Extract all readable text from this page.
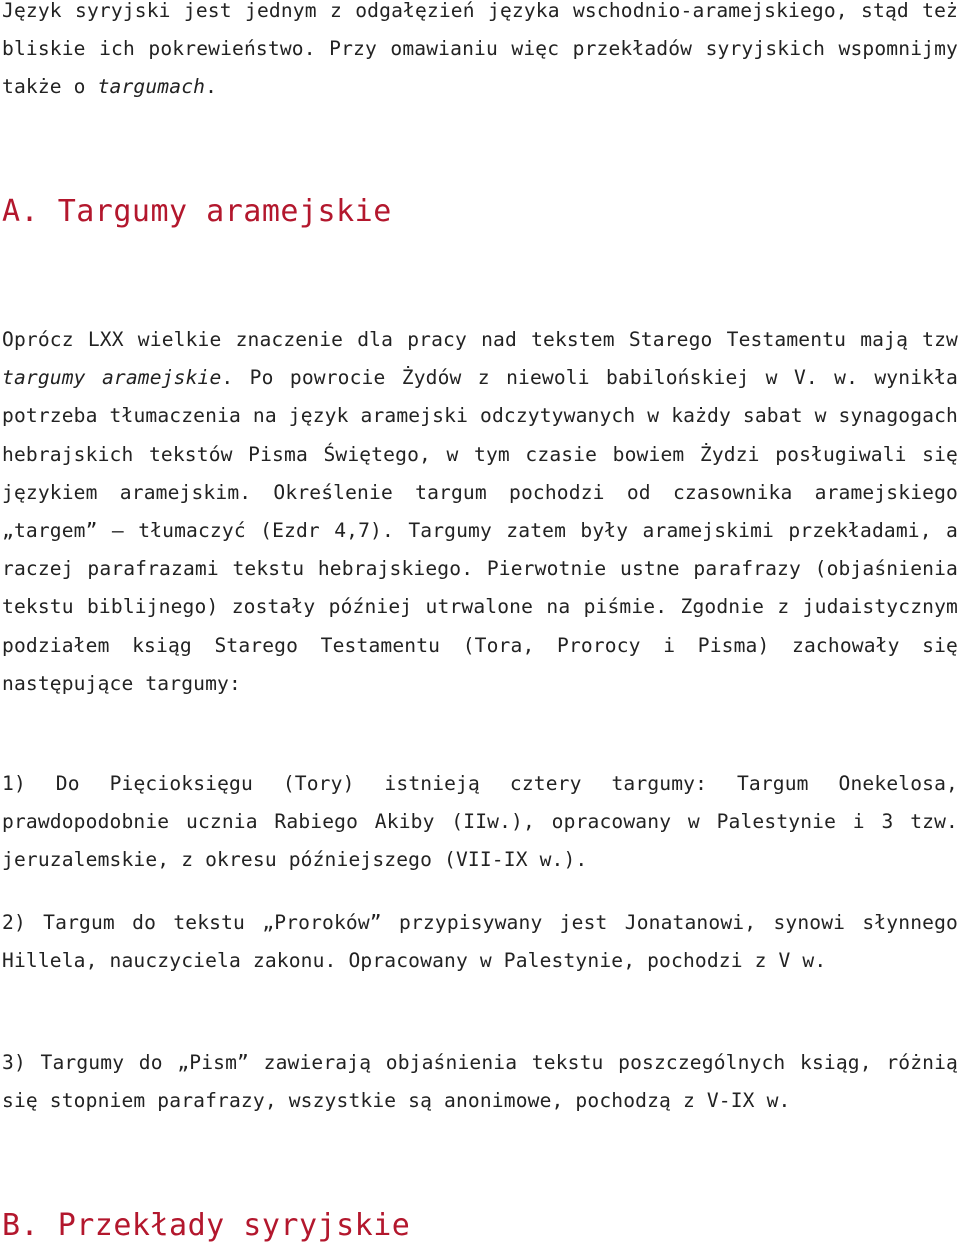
Język syryjski jest jednym z odgałęzień języka wschodnio-aramejskiego, stąd też bliskie ich pokrewieństwo. Przy omawianiu więc przekładów syryjskich wspomnijmy także o targumach.

A. Targumy aramejskie

Oprócz LXX wielkie znaczenie dla pracy nad tekstem Starego Testamentu mają tzw targumy aramejskie. Po powrocie Żydów z niewoli babilońskiej w V. w. wynikła potrzeba tłumaczenia na język aramejski odczytywanych w każdy sabat w synagogach hebrajskich tekstów Pisma Świętego, w tym czasie bowiem Żydzi posługiwali się językiem aramejskim. Określenie targum pochodzi od czasownika aramejskiego „targem” – tłumaczyć (Ezdr 4,7). Targumy zatem były aramejskimi przekładami, a raczej parafrazami tekstu hebrajskiego. Pierwotnie ustne parafrazy (objaśnienia tekstu biblijnego) zostały później utrwalone na piśmie. Zgodnie z judaistycznym podziałem ksiąg Starego Testamentu (Tora, Prorocy i Pisma) zachowały się następujące targumy:

1) Do Pięcioksięgu (Tory) istnieją cztery targumy: Targum Onekelosa, prawdopodobnie ucznia Rabiego Akiby (IIw.), opracowany w Palestynie i 3 tzw. jeruzalemskie, z okresu późniejszego (VII-IX w.).

2) Targum do tekstu „Proroków” przypisywany jest Jonatanowi, synowi słynnego Hillela, nauczyciela zakonu. Opracowany w Palestynie, pochodzi z V w.

3) Targumy do „Pism” zawierają objaśnienia tekstu poszczególnych ksiąg, różnią się stopniem parafrazy, wszystkie są anonimowe, pochodzą z V-IX w.

B. Przekłady syryjskie
